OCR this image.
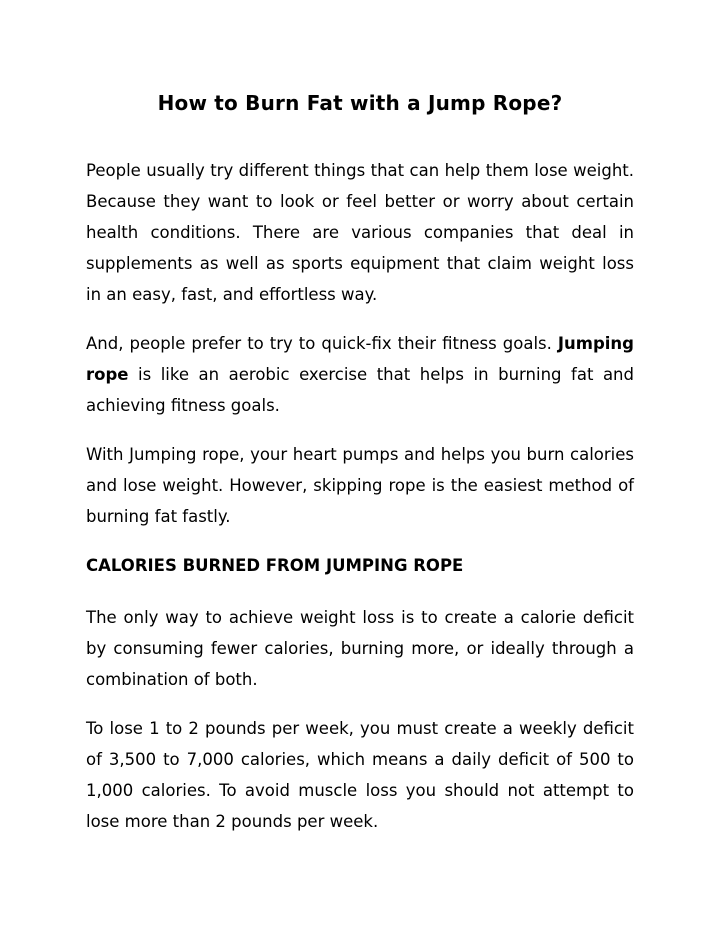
How to Burn Fat with a Jump Rope?

People usually try different things that can help them lose weight. Because they want to look or feel better or worry about certain health conditions. There are various companies that deal in supplements as well as sports equipment that claim weight loss in an easy, fast, and effortless way.

And, people prefer to try to quick-fix their fitness goals. Jumping rope is like an aerobic exercise that helps in burning fat and achieving fitness goals.

With Jumping rope, your heart pumps and helps you burn calories and lose weight. However, skipping rope is the easiest method of burning fat fastly.

CALORIES BURNED FROM JUMPING ROPE

The only way to achieve weight loss is to create a calorie deficit by consuming fewer calories, burning more, or ideally through a combination of both.

To lose 1 to 2 pounds per week, you must create a weekly deficit of 3,500 to 7,000 calories, which means a daily deficit of 500 to 1,000 calories. To avoid muscle loss you should not attempt to lose more than 2 pounds per week.
